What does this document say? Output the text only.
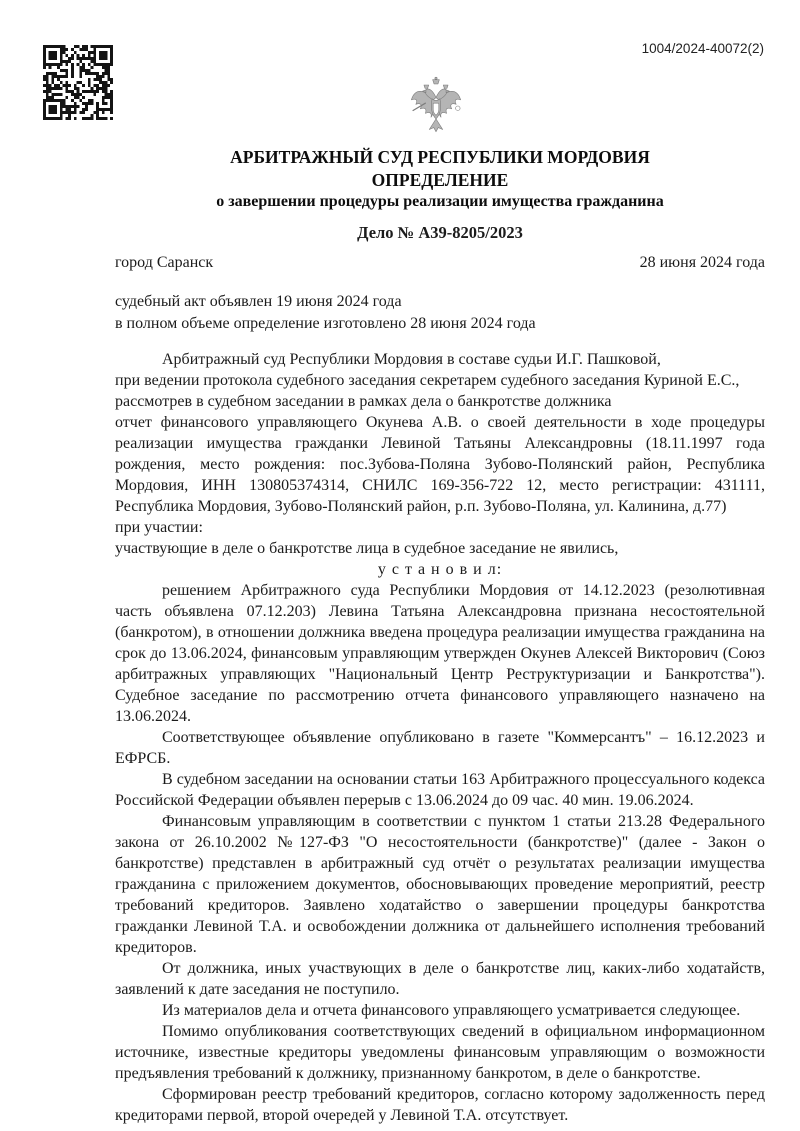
1004/2024-40072(2)
АРБИТРАЖНЫЙ СУД РЕСПУБЛИКИ МОРДОВИЯ
ОПРЕДЕЛЕНИЕ
о завершении процедуры реализации имущества гражданина
Дело № А39-8205/2023
город Саранск	28 июня 2024 года
судебный акт объявлен 19 июня 2024 года
в полном объеме определение изготовлено 28 июня 2024 года

Арбитражный суд Республики Мордовия в составе судьи И.Г. Пашковой,

при ведении протокола судебного заседания секретарем судебного заседания Куриной Е.С.,

рассмотрев в судебном заседании в рамках дела о банкротстве должника

отчет финансового управляющего Окунева А.В. о своей деятельности в ходе процедуры реализации имущества гражданки Левиной Татьяны Александровны (18.11.1997 года рождения, место рождения: пос.Зубова-Поляна Зубово-Полянский район, Республика Мордовия, ИНН 130805374314, СНИЛС 169-356-722 12, место регистрации: 431111, Республика Мордовия, Зубово-Полянский район, р.п. Зубово-Поляна, ул. Калинина, д.77)

при участии:

участвующие в деле о банкротстве лица в судебное заседание не явились,

у с т а н о в и л:

решением Арбитражного суда Республики Мордовия от 14.12.2023 (резолютивная часть объявлена 07.12.203) Левина Татьяна Александровна признана несостоятельной (банкротом), в отношении должника введена процедура реализации имущества гражданина на срок до 13.06.2024, финансовым управляющим утвержден Окунев Алексей Викторович (Союз арбитражных управляющих "Национальный Центр Реструктуризации и Банкротства"). Судебное заседание по рассмотрению отчета финансового управляющего назначено на 13.06.2024.

Соответствующее объявление опубликовано в газете "Коммерсантъ" – 16.12.2023 и ЕФРСБ.

В судебном заседании на основании статьи 163 Арбитражного процессуального кодекса Российской Федерации объявлен перерыв с 13.06.2024 до 09 час. 40 мин. 19.06.2024.

Финансовым управляющим в соответствии с пунктом 1 статьи 213.28 Федерального закона от 26.10.2002 №127-ФЗ "О несостоятельности (банкротстве)" (далее - Закон о банкротстве) представлен в арбитражный суд отчёт о результатах реализации имущества гражданина с приложением документов, обосновывающих проведение мероприятий, реестр требований кредиторов. Заявлено ходатайство о завершении процедуры банкротства гражданки Левиной Т.А. и освобождении должника от дальнейшего исполнения требований кредиторов.

От должника, иных участвующих в деле о банкротстве лиц, каких-либо ходатайств, заявлений к дате заседания не поступило.

Из материалов дела и отчета финансового управляющего усматривается следующее.

Помимо опубликования соответствующих сведений в официальном информационном источнике, известные кредиторы уведомлены финансовым управляющим о возможности предъявления требований к должнику, признанному банкротом, в деле о банкротстве.

Сформирован реестр требований кредиторов, согласно которому задолженность перед кредиторами первой, второй очередей у Левиной Т.А. отсутствует.
